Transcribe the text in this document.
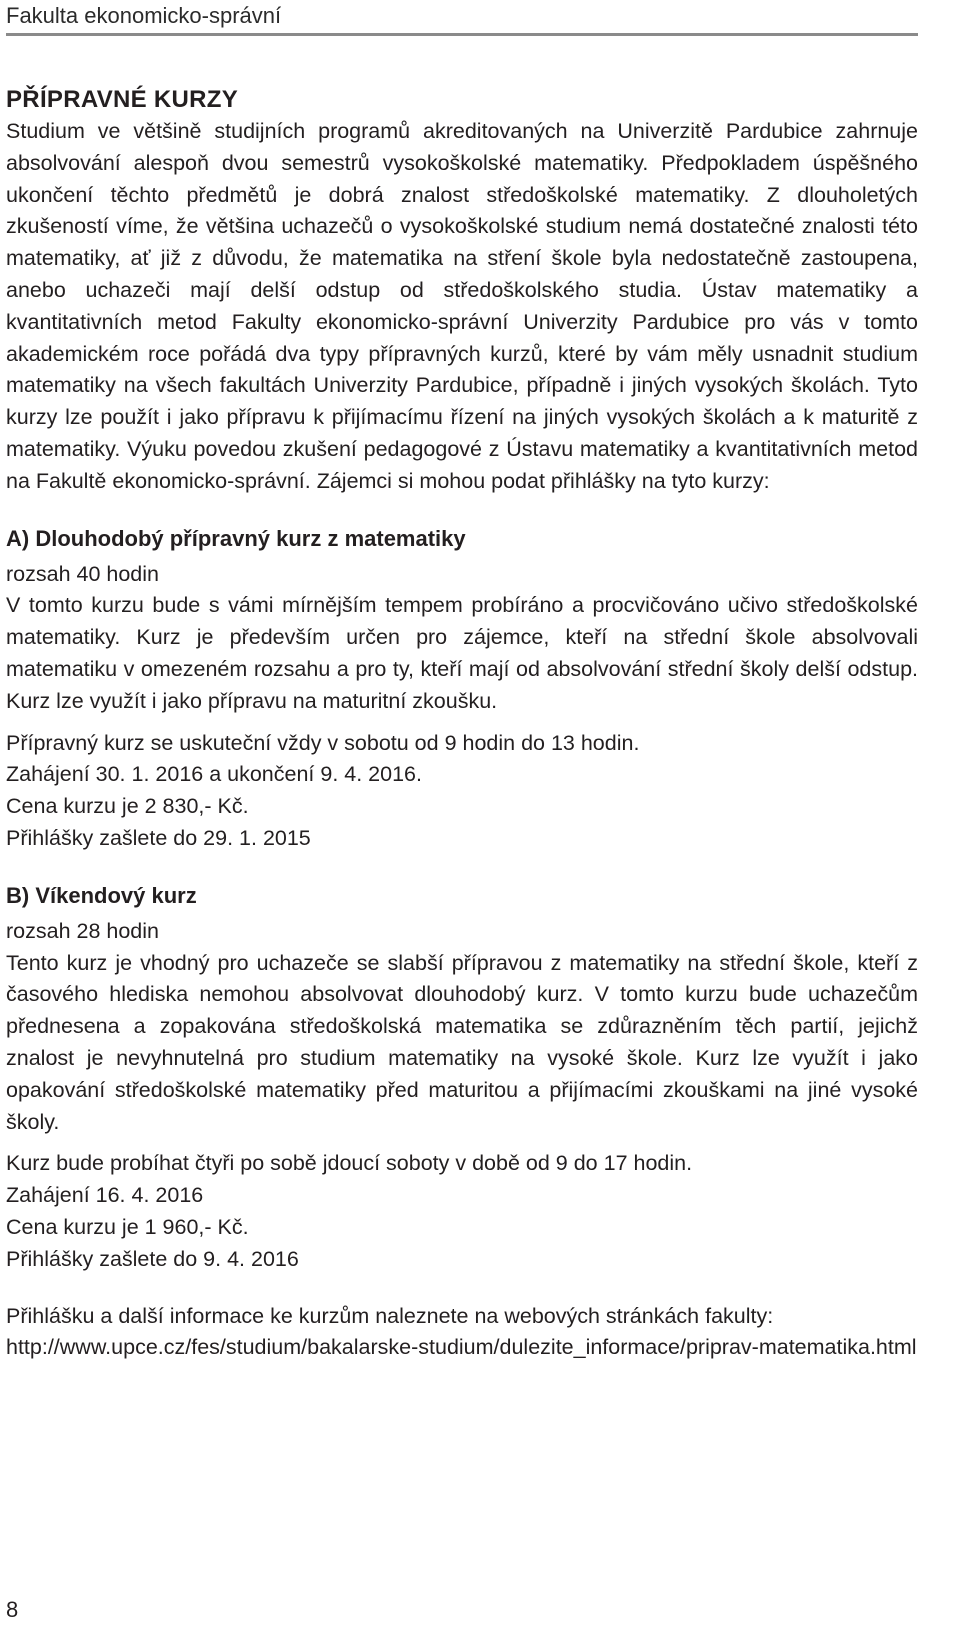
Fakulta ekonomicko-správní

PŘÍPRAVNÉ KURZY

Studium ve většině studijních programů akreditovaných na Univerzitě Pardubice zahrnuje absolvování alespoň dvou semestrů vysokoškolské matematiky. Předpokladem úspěšného ukončení těchto předmětů je dobrá znalost středoškolské matematiky. Z dlouholetých zkušeností víme, že většina uchazečů o vysokoškolské studium nemá dostatečné znalosti této matematiky, ať již z důvodu, že matematika na stření škole byla nedostatečně zastoupena, anebo uchazeči mají delší odstup od středoškolského studia. Ústav matematiky a kvantitativních metod Fakulty ekonomicko-správní Univerzity Pardubice pro vás v tomto akademickém roce pořádá dva typy přípravných kurzů, které by vám měly usnadnit studium matematiky na všech fakultách Univerzity Pardubice, případně i jiných vysokých školách. Tyto kurzy lze použít i jako přípravu k přijímacímu řízení na jiných vysokých školách a k maturitě z matematiky. Výuku povedou zkušení pedagogové z Ústavu matematiky a kvantitativních metod na Fakultě ekonomicko-správní. Zájemci si mohou podat přihlášky na tyto kurzy:

A) Dlouhodobý přípravný kurz z matematiky

rozsah 40 hodin

V tomto kurzu bude s vámi mírnějším tempem probíráno a procvičováno učivo středoškolské matematiky. Kurz je především určen pro zájemce, kteří na střední škole absolvovali matematiku v omezeném rozsahu a pro ty, kteří mají od absolvování střední školy delší odstup. Kurz lze využít i jako přípravu na maturitní zkoušku.

Přípravný kurz se uskuteční vždy v sobotu od 9 hodin do 13 hodin.

Zahájení 30. 1. 2016 a ukončení 9. 4. 2016.

Cena kurzu je 2 830,- Kč.

Přihlášky zašlete do 29. 1. 2015

B) Víkendový kurz

rozsah 28 hodin

Tento kurz je vhodný pro uchazeče se slabší přípravou z matematiky na střední škole, kteří z časového hlediska nemohou absolvovat dlouhodobý kurz. V tomto kurzu bude uchazečům přednesena a zopakována středoškolská matematika se zdůrazněním těch partií, jejichž znalost je nevyhnutelná pro studium matematiky na vysoké škole. Kurz lze využít i jako opakování středoškolské matematiky před maturitou a přijímacími zkouškami na jiné vysoké školy.

Kurz bude probíhat čtyři po sobě jdoucí soboty v době od 9 do 17 hodin.

Zahájení 16. 4. 2016

Cena kurzu je 1 960,- Kč.

Přihlášky zašlete do 9. 4. 2016

Přihlášku a další informace ke kurzům naleznete na webových stránkách fakulty:

http://www.upce.cz/fes/studium/bakalarske-studium/dulezite_informace/priprav-matematika.html

8
